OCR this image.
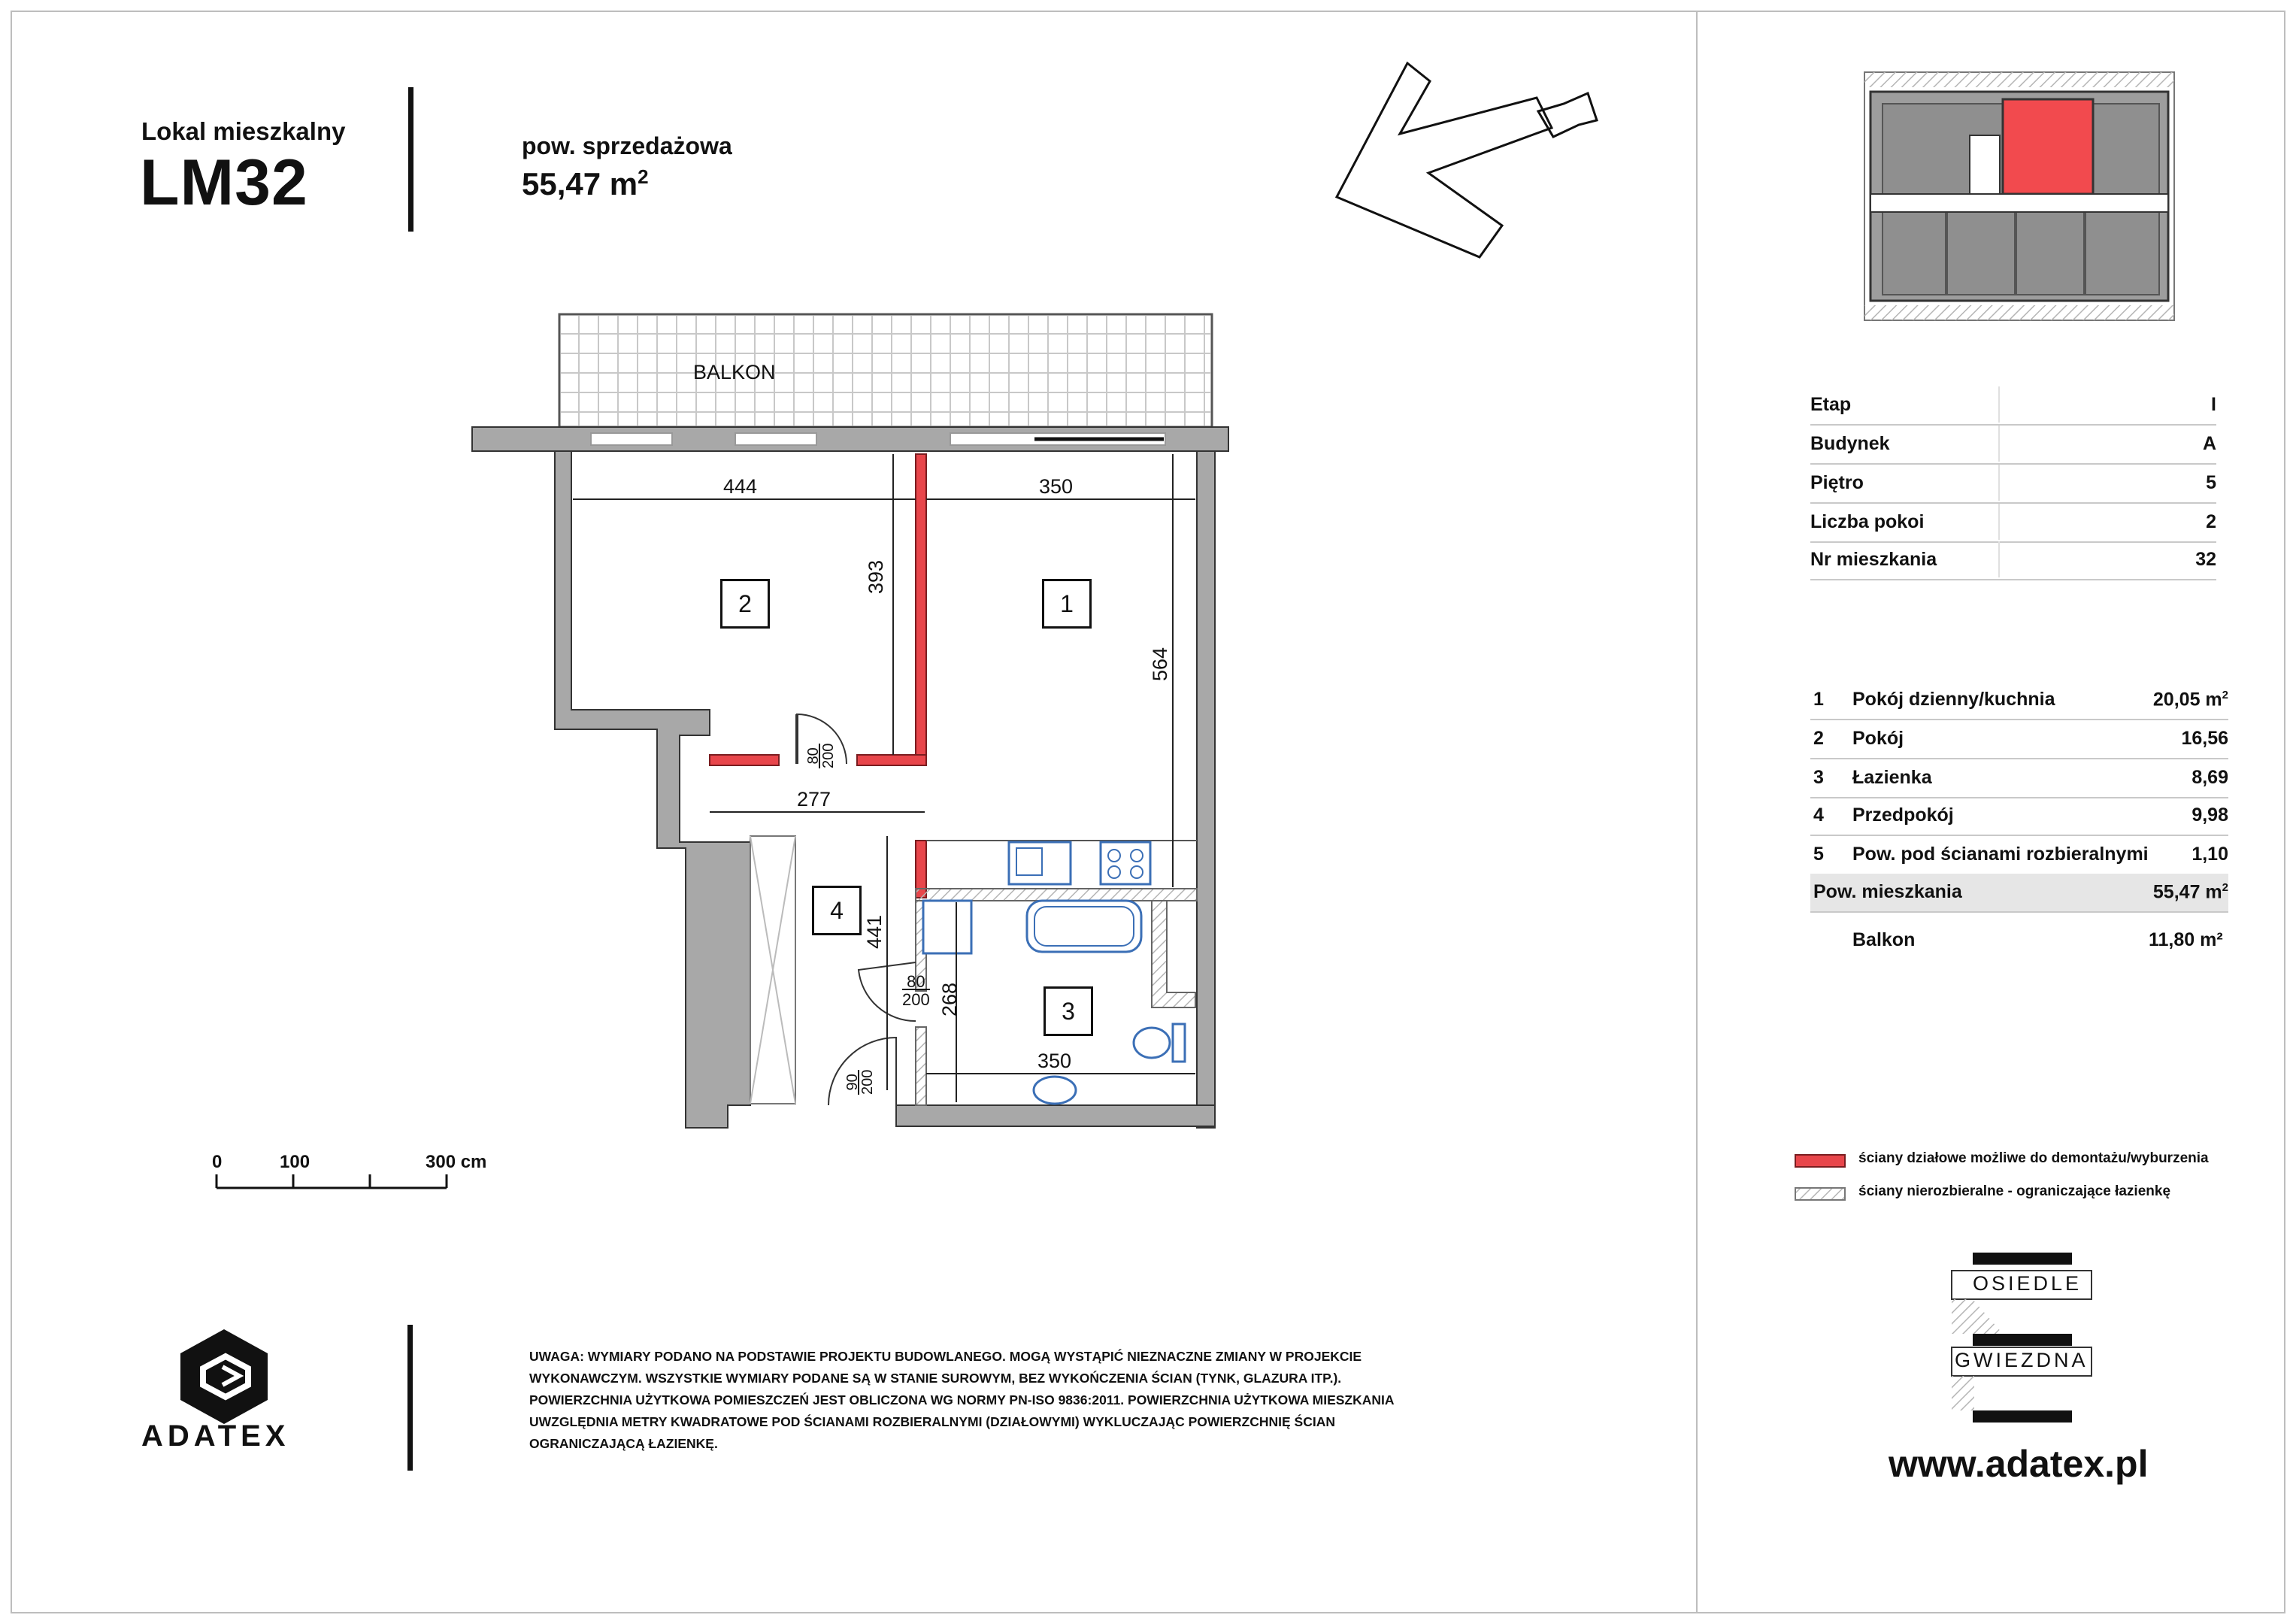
Lokal mieszkalny
LM32
pow. sprzedażowa
55,47 $m^2$
BALKON
2	1
4
3
444	350
393
564
277
441
268
350
80
200
80
200
90
200
0	100	300 cm
Etap	I
Budynek	A
Piętro	5
Liczba pokoi	2
Nr mieszkania	32
1 Pokój dzienny/kuchnia	20,05 $m^2$
2 Pokój	16,56
3 Łazienka	8,69
4 Przedpokój	9,98
5 Pow. pod ścianami rozbieralnymi 1,10
Pow. mieszkania	55,47 $m^2$
Balkon	11,80 m²
ściany działowe możliwe do demontażu/wyburzenia
ściany nierozbieralne - ograniczające łazienkę
OSIEDLE
GWIEZDNA
www.adatex.pl
ADATEX
UWAGA: WYMIARY PODANO NA PODSTAWIE PROJEKTU BUDOWLANEGO. MOGĄ WYSTĄPIĆ NIEZNACZNE ZMIANY W PROJEKCIE WYKONAWCZYM. WSZYSTKIE WYMIARY PODANE SĄ W STANIE SUROWYM, BEZ WYKOŃCZENIA ŚCIAN (TYNK, GLAZURA ITP.). POWIERZCHNIA UŻYTKOWA POMIESZCZEŃ JEST OBLICZONA WG NORMY PN-ISO 9836:2011. POWIERZCHNIA UŻYTKOWA MIESZKANIA UWZGLĘDNIA METRY KWADRATOWE POD ŚCIANAMI ROZBIERALNYMI (DZIAŁOWYMI) WYKLUCZAJĄC POWIERZCHNIĘ ŚCIAN OGRANICZAJĄCĄ ŁAZIENKĘ.
